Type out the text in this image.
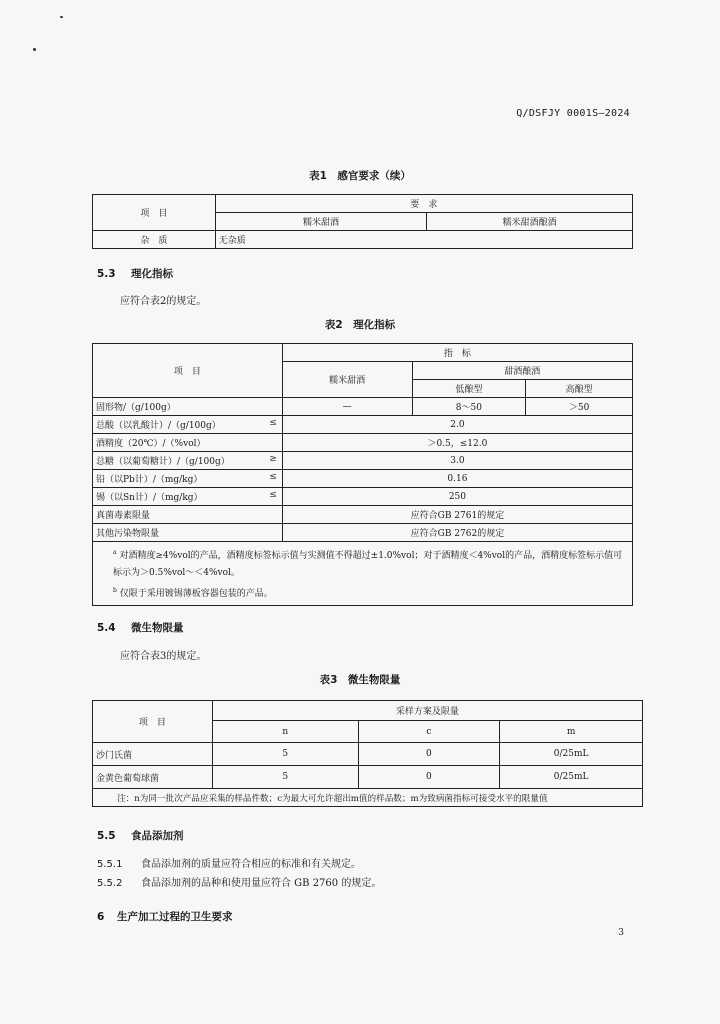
Q/DSFJY 0001S—2024
表1　感官要求（续）
项　目	要　求	
	糯米甜酒	糯米甜酒酿酒
杂　质	无杂质	
5.3 理化指标
应符合表2的规定。
表2　理化指标
项　目	指　标		
	糯米甜酒	甜酒酿酒	
		低酿型	高酿型
固形物/（g/100g）	—	8～50	＞50
总酸（以乳酸计）/（g/100g） ≤	2.0		
酒精度（20℃）/（%vol）	＞0.5，≤12.0		
总糖（以葡萄糖计）/（g/100g） ≥	3.0		
铅（以Pb计）/（mg/kg） ≤	0.16		
锡（以Sn计）/（mg/kg） ≤	250		
真菌毒素限量	应符合GB 2761的规定		
其他污染物限量	应符合GB 2762的规定		

$^a$ 对酒精度≥4%vol的产品，酒精度标签标示值与实测值不得超过±1.0%vol；对于酒精度＜4%vol的产品，酒精度标签标示值可标示为＞0.5%vol～＜4%vol。
$^b$ 仅限于采用镀锡薄板容器包装的产品。			
5.4 微生物限量
应符合表3的规定。
表3　微生物限量
项　目	采样方案及限量		
	n	c	m
沙门氏菌	5	0	0/25mL
金黄色葡萄球菌	5	0	0/25mL
注：n为同一批次产品应采集的样品件数；c为最大可允许超出m值的样品数；m为致病菌指标可接受水平的限量值			
5.5 食品添加剂
5.5.1 食品添加剂的质量应符合相应的标准和有关规定。
5.5.2 食品添加剂的品种和使用量应符合 GB 2760 的规定。
6 生产加工过程的卫生要求
3
